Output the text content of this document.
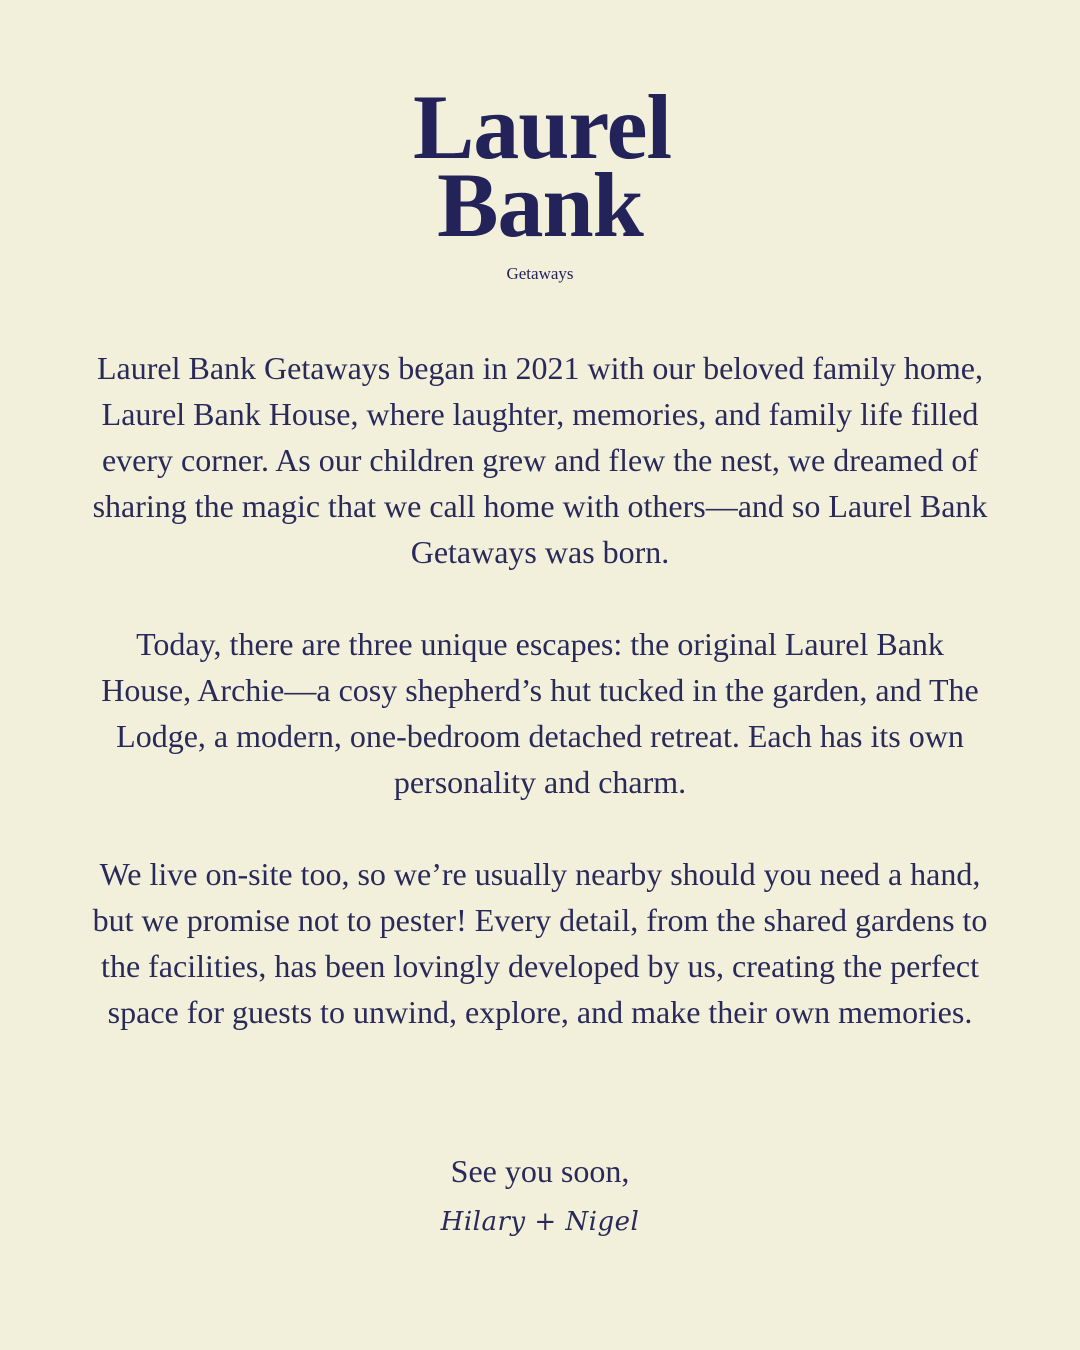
Laurel
Bank
Getaways

Laurel Bank Getaways began in 2021 with our beloved family home, Laurel Bank House, where laughter, memories, and family life filled every corner. As our children grew and flew the nest, we dreamed of sharing the magic that we call home with others—and so Laurel Bank Getaways was born.

Today, there are three unique escapes: the original Laurel Bank House, Archie—a cosy shepherd’s hut tucked in the garden, and The Lodge, a modern, one-bedroom detached retreat. Each has its own personality and charm.

We live on-site too, so we’re usually nearby should you need a hand, but we promise not to pester! Every detail, from the shared gardens to the facilities, has been lovingly developed by us, creating the perfect space for guests to unwind, explore, and make their own memories.

See you soon,
Hilary + Nigel
